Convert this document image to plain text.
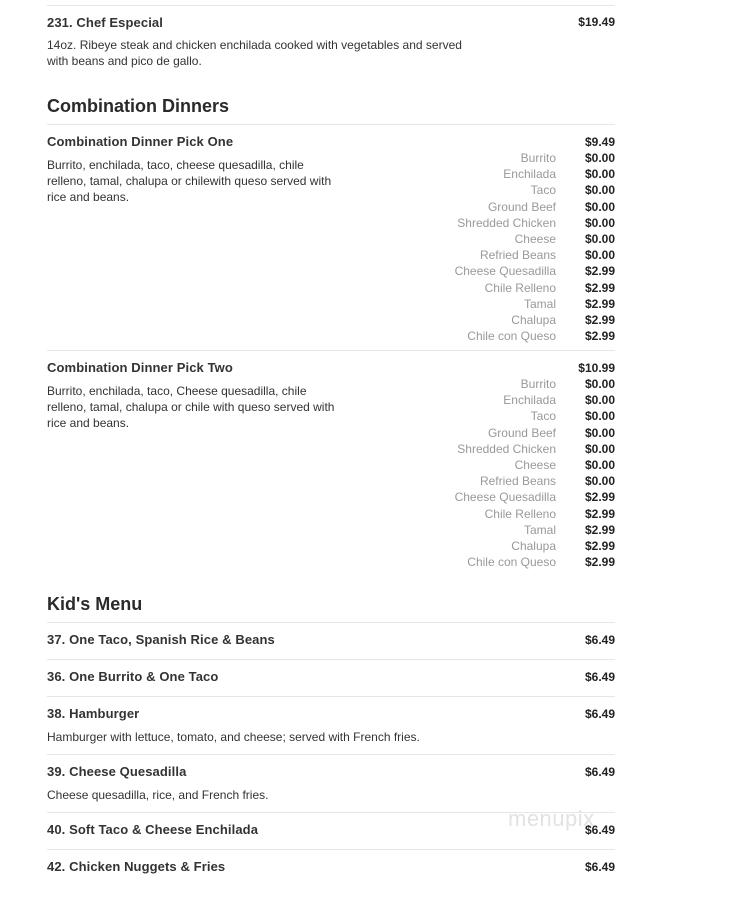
231. Chef Especial	$19.49
14oz. Ribeye steak and chicken enchilada cooked with vegetables and served with beans and pico de gallo.
Combination Dinners
Combination Dinner Pick One	$9.49
Burrito, enchilada, taco, cheese quesadilla, chile relleno, tamal, chalupa or chilewith queso served with rice and beans.
Burrito	$0.00
Enchilada	$0.00
Taco	$0.00
Ground Beef	$0.00
Shredded Chicken	$0.00
Cheese	$0.00
Refried Beans	$0.00
Cheese Quesadilla	$2.99
Chile Relleno	$2.99
Tamal	$2.99
Chalupa	$2.99
Chile con Queso	$2.99
Combination Dinner Pick Two	$10.99
Burrito, enchilada, taco, Cheese quesadilla, chile relleno, tamal, chalupa or chile with queso served with rice and beans.
Burrito	$0.00
Enchilada	$0.00
Taco	$0.00
Ground Beef	$0.00
Shredded Chicken	$0.00
Cheese	$0.00
Refried Beans	$0.00
Cheese Quesadilla	$2.99
Chile Relleno	$2.99
Tamal	$2.99
Chalupa	$2.99
Chile con Queso	$2.99
Kid's Menu
37. One Taco, Spanish Rice & Beans	$6.49
36. One Burrito & One Taco	$6.49
38. Hamburger	$6.49
Hamburger with lettuce, tomato, and cheese; served with French fries.
39. Cheese Quesadilla	$6.49
Cheese quesadilla, rice, and French fries.
40. Soft Taco & Cheese Enchilada	$6.49
42. Chicken Nuggets & Fries	$6.49
menupix
